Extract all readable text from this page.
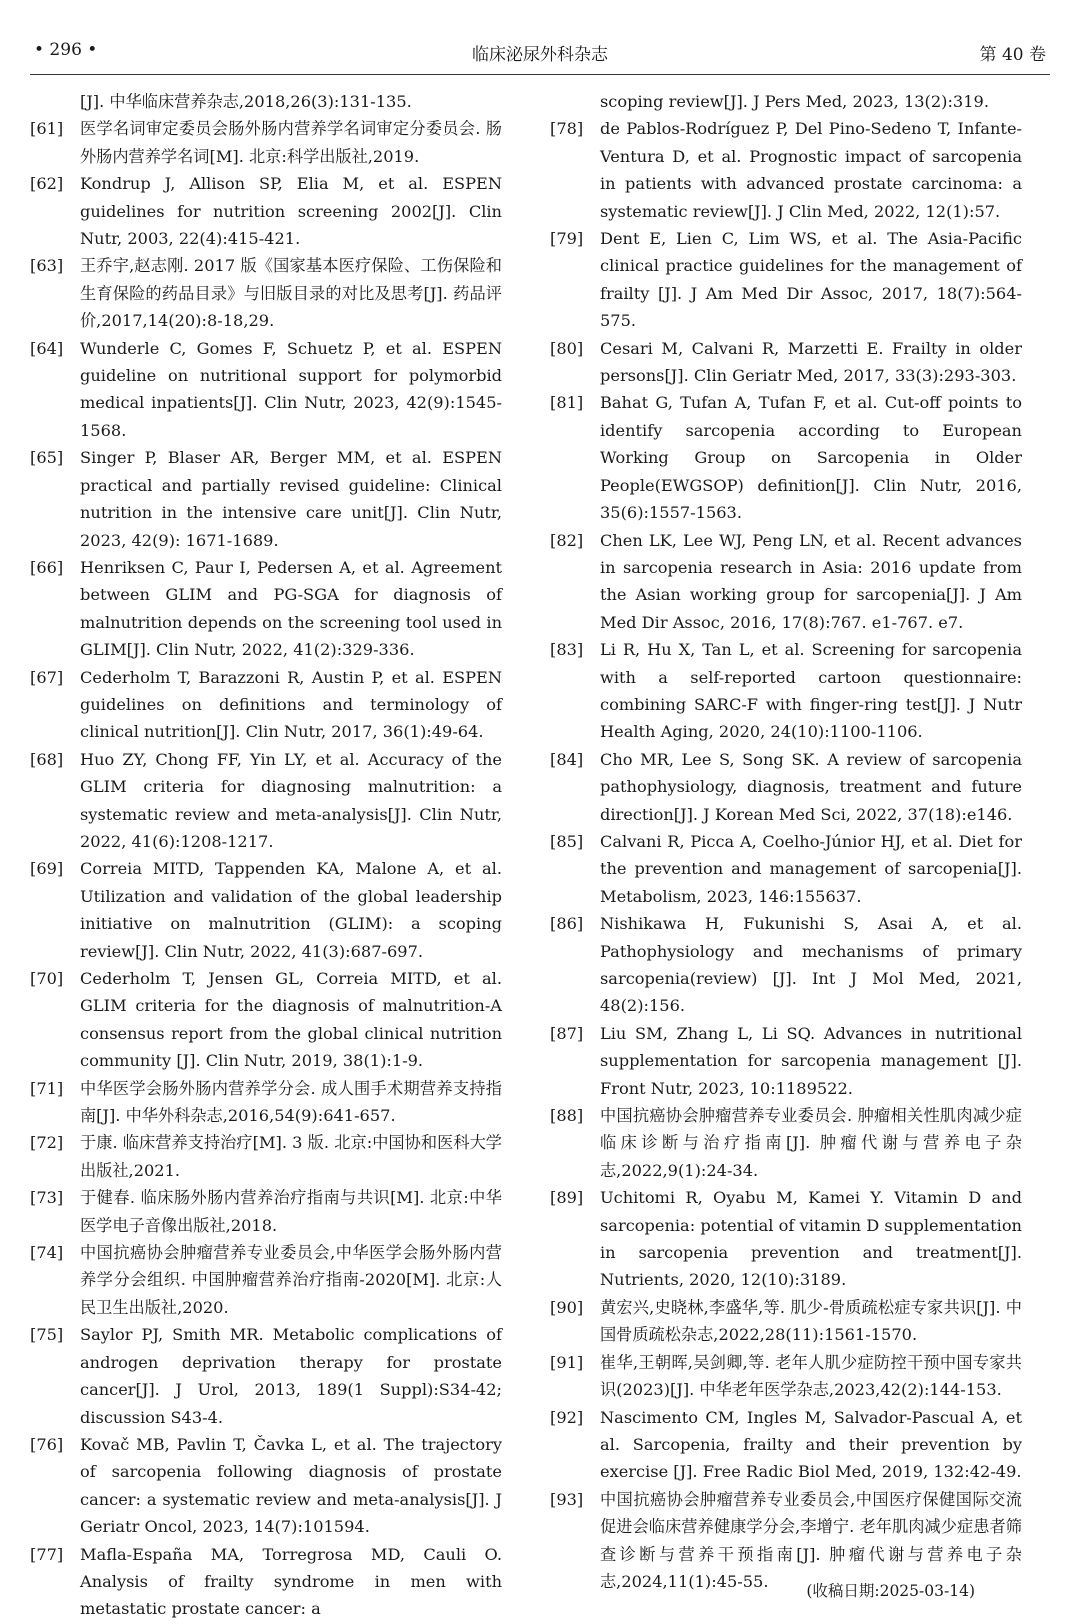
• 296 •	临床泌尿外科杂志	第 40 卷
[J]. 中华临床营养杂志,2018,26(3):131-135.
[61]	医学名词审定委员会肠外肠内营养学名词审定分委员会. 肠外肠内营养学名词[M]. 北京:科学出版社,2019.
[62]	Kondrup J, Allison SP, Elia M, et al. ESPEN guidelines for nutrition screening 2002[J]. Clin Nutr, 2003, 22(4):415-421.
[63]	王乔宇,赵志刚. 2017 版《国家基本医疗保险、工伤保险和生育保险的药品目录》与旧版目录的对比及思考[J]. 药品评价,2017,14(20):8-18,29.
[64]	Wunderle C, Gomes F, Schuetz P, et al. ESPEN guideline on nutritional support for polymorbid medical inpatients[J]. Clin Nutr, 2023, 42(9):1545-1568.
[65]	Singer P, Blaser AR, Berger MM, et al. ESPEN practical and partially revised guideline: Clinical nutrition in the intensive care unit[J]. Clin Nutr, 2023, 42(9): 1671-1689.
[66]	Henriksen C, Paur I, Pedersen A, et al. Agreement between GLIM and PG-SGA for diagnosis of malnutrition depends on the screening tool used in GLIM[J]. Clin Nutr, 2022, 41(2):329-336.
[67]	Cederholm T, Barazzoni R, Austin P, et al. ESPEN guidelines on definitions and terminology of clinical nutrition[J]. Clin Nutr, 2017, 36(1):49-64.
[68]	Huo ZY, Chong FF, Yin LY, et al. Accuracy of the GLIM criteria for diagnosing malnutrition: a systematic review and meta-analysis[J]. Clin Nutr, 2022, 41(6):1208-1217.
[69]	Correia MITD, Tappenden KA, Malone A, et al. Utilization and validation of the global leadership initiative on malnutrition (GLIM): a scoping review[J]. Clin Nutr, 2022, 41(3):687-697.
[70]	Cederholm T, Jensen GL, Correia MITD, et al. GLIM criteria for the diagnosis of malnutrition-A consensus report from the global clinical nutrition community [J]. Clin Nutr, 2019, 38(1):1-9.
[71]	中华医学会肠外肠内营养学分会. 成人围手术期营养支持指南[J]. 中华外科杂志,2016,54(9):641-657.
[72]	于康. 临床营养支持治疗[M]. 3 版. 北京:中国协和医科大学出版社,2021.
[73]	于健春. 临床肠外肠内营养治疗指南与共识[M]. 北京:中华医学电子音像出版社,2018.
[74]	中国抗癌协会肿瘤营养专业委员会,中华医学会肠外肠内营养学分会组织. 中国肿瘤营养治疗指南-2020[M]. 北京:人民卫生出版社,2020.
[75]	Saylor PJ, Smith MR. Metabolic complications of androgen deprivation therapy for prostate cancer[J]. J Urol, 2013, 189(1 Suppl):S34-42; discussion S43-4.
[76]	Kovač MB, Pavlin T, Čavka L, et al. The trajectory of sarcopenia following diagnosis of prostate cancer: a systematic review and meta-analysis[J]. J Geriatr Oncol, 2023, 14(7):101594.
[77]	Mafla-España MA, Torregrosa MD, Cauli O. Analysis of frailty syndrome in men with metastatic prostate cancer: a
scoping review[J]. J Pers Med, 2023, 13(2):319.
[78]	de Pablos-Rodríguez P, Del Pino-Sedeno T, Infante-Ventura D, et al. Prognostic impact of sarcopenia in patients with advanced prostate carcinoma: a systematic review[J]. J Clin Med, 2022, 12(1):57.
[79]	Dent E, Lien C, Lim WS, et al. The Asia-Pacific clinical practice guidelines for the management of frailty [J]. J Am Med Dir Assoc, 2017, 18(7):564-575.
[80]	Cesari M, Calvani R, Marzetti E. Frailty in older persons[J]. Clin Geriatr Med, 2017, 33(3):293-303.
[81]	Bahat G, Tufan A, Tufan F, et al. Cut-off points to identify sarcopenia according to European Working Group on Sarcopenia in Older People(EWGSOP) definition[J]. Clin Nutr, 2016, 35(6):1557-1563.
[82]	Chen LK, Lee WJ, Peng LN, et al. Recent advances in sarcopenia research in Asia: 2016 update from the Asian working group for sarcopenia[J]. J Am Med Dir Assoc, 2016, 17(8):767. e1-767. e7.
[83]	Li R, Hu X, Tan L, et al. Screening for sarcopenia with a self-reported cartoon questionnaire: combining SARC-F with finger-ring test[J]. J Nutr Health Aging, 2020, 24(10):1100-1106.
[84]	Cho MR, Lee S, Song SK. A review of sarcopenia pathophysiology, diagnosis, treatment and future direction[J]. J Korean Med Sci, 2022, 37(18):e146.
[85]	Calvani R, Picca A, Coelho-Júnior HJ, et al. Diet for the prevention and management of sarcopenia[J]. Metabolism, 2023, 146:155637.
[86]	Nishikawa H, Fukunishi S, Asai A, et al. Pathophysiology and mechanisms of primary sarcopenia(review) [J]. Int J Mol Med, 2021, 48(2):156.
[87]	Liu SM, Zhang L, Li SQ. Advances in nutritional supplementation for sarcopenia management [J]. Front Nutr, 2023, 10:1189522.
[88]	中国抗癌协会肿瘤营养专业委员会. 肿瘤相关性肌肉减少症临床诊断与治疗指南[J]. 肿瘤代谢与营养电子杂志,2022,9(1):24-34.
[89]	Uchitomi R, Oyabu M, Kamei Y. Vitamin D and sarcopenia: potential of vitamin D supplementation in sarcopenia prevention and treatment[J]. Nutrients, 2020, 12(10):3189.
[90]	黄宏兴,史晓林,李盛华,等. 肌少-骨质疏松症专家共识[J]. 中国骨质疏松杂志,2022,28(11):1561-1570.
[91]	崔华,王朝晖,吴剑卿,等. 老年人肌少症防控干预中国专家共识(2023)[J]. 中华老年医学杂志,2023,42(2):144-153.
[92]	Nascimento CM, Ingles M, Salvador-Pascual A, et al. Sarcopenia, frailty and their prevention by exercise [J]. Free Radic Biol Med, 2019, 132:42-49.
[93]	中国抗癌协会肿瘤营养专业委员会,中国医疗保健国际交流促进会临床营养健康学分会,李增宁. 老年肌肉减少症患者筛查诊断与营养干预指南[J]. 肿瘤代谢与营养电子杂志,2024,11(1):45-55.
(收稿日期:2025-03-14)
